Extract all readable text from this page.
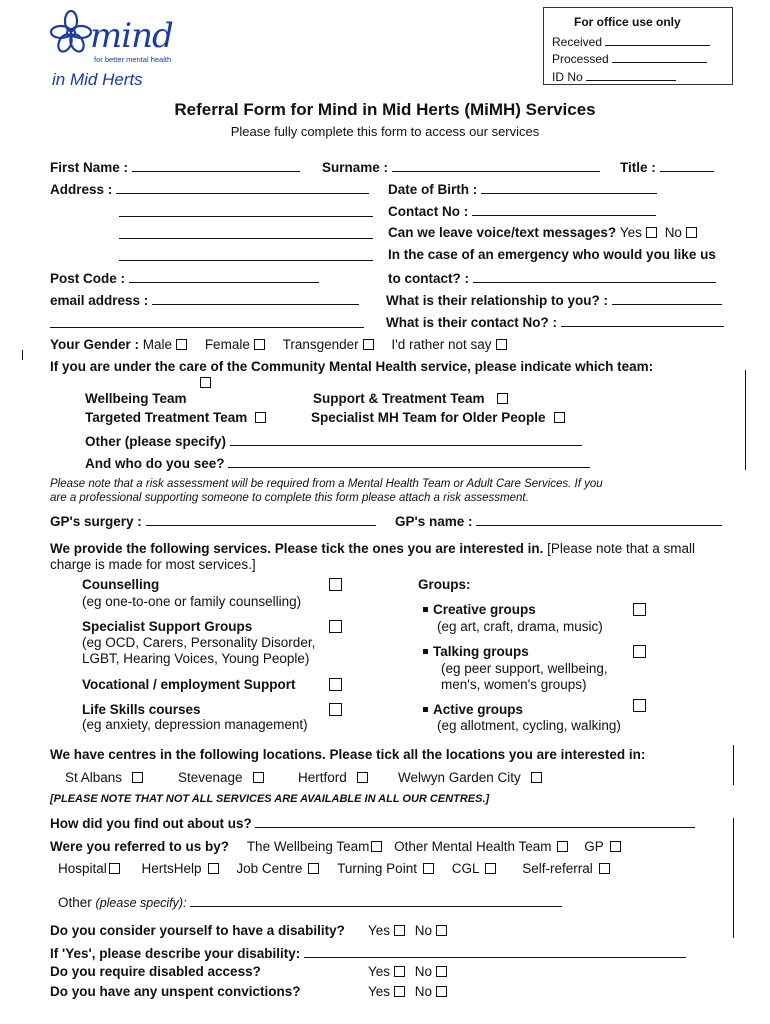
mind
for better mental health
in Mid Herts
For office use only
Received
Processed
ID No
Referral Form for Mind in Mid Herts (MiMH) Services
Please fully complete this form to access our services
First Name :	Surname :	Title :
Address :	Date of Birth :
Contact No :
Can we leave voice/text messages? Yes No
In the case of an emergency who would you like us
to contact? :
Post Code :
email address :	What is their relationship to you? :
What is their contact No? :
Your Gender : Male Female Transgender I'd rather not say
If you are under the care of the Community Mental Health service, please indicate which team:
Wellbeing Team	Support & Treatment Team
Targeted Treatment Team	Specialist MH Team for Older People
Other (please specify)
And who do you see?
Please note that a risk assessment will be required from a Mental Health Team or Adult Care Services. If you
are a professional supporting someone to complete this form please attach a risk assessment.
GP's surgery :	GP's name :
We provide the following services. Please tick the ones you are interested in. [Please note that a small
charge is made for most services.]
Counselling
(eg one-to-one or family counselling)
Specialist Support Groups
(eg OCD, Carers, Personality Disorder,
LGBT, Hearing Voices, Young People)
Vocational / employment Support
Life Skills courses
(eg anxiety, depression management)
Groups:
Creative groups
(eg art, craft, drama, music)
Talking groups
(eg peer support, wellbeing,
men's, women's groups)
Active groups
(eg allotment, cycling, walking)
We have centres in the following locations. Please tick all the locations you are interested in:
St Albans	Stevenage	Hertford	Welwyn Garden City
[PLEASE NOTE THAT NOT ALL SERVICES ARE AVAILABLE IN ALL OUR CENTRES.]
How did you find out about us?
Were you referred to us by? The Wellbeing Team Other Mental Health Team GP
Hospital	HertsHelp	Job Centre	Turning Point	CGL	Self-referral
Other (please specify):
Do you consider yourself to have a disability? Yes No
If 'Yes', please describe your disability:
Do you require disabled access?	Yes No
Do you have any unspent convictions?	Yes No
